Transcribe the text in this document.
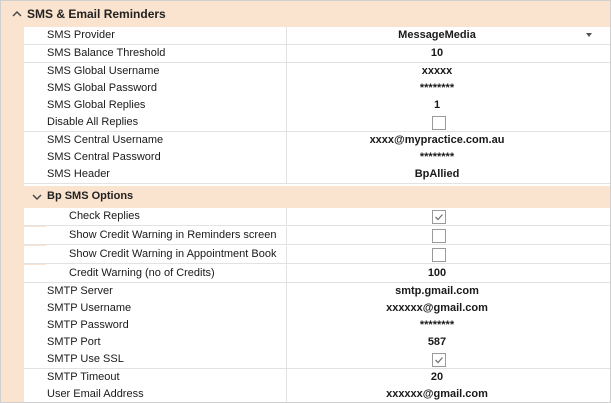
SMS & Email Reminders
SMS Provider	MessageMedia
SMS Balance Threshold	10
SMS Global Username	xxxxx
SMS Global Password	********
SMS Global Replies	1
Disable All Replies
SMS Central Username	xxxx@mypractice.com.au
SMS Central Password	********
SMS Header	BpAllied
Bp SMS Options
Check Replies
Show Credit Warning in Reminders screen
Show Credit Warning in Appointment Book
Credit Warning (no of Credits)	100
SMTP Server	smtp.gmail.com
SMTP Username	xxxxxx@gmail.com
SMTP Password	********
SMTP Port	587
SMTP Use SSL
SMTP Timeout	20
User Email Address	xxxxxx@gmail.com
